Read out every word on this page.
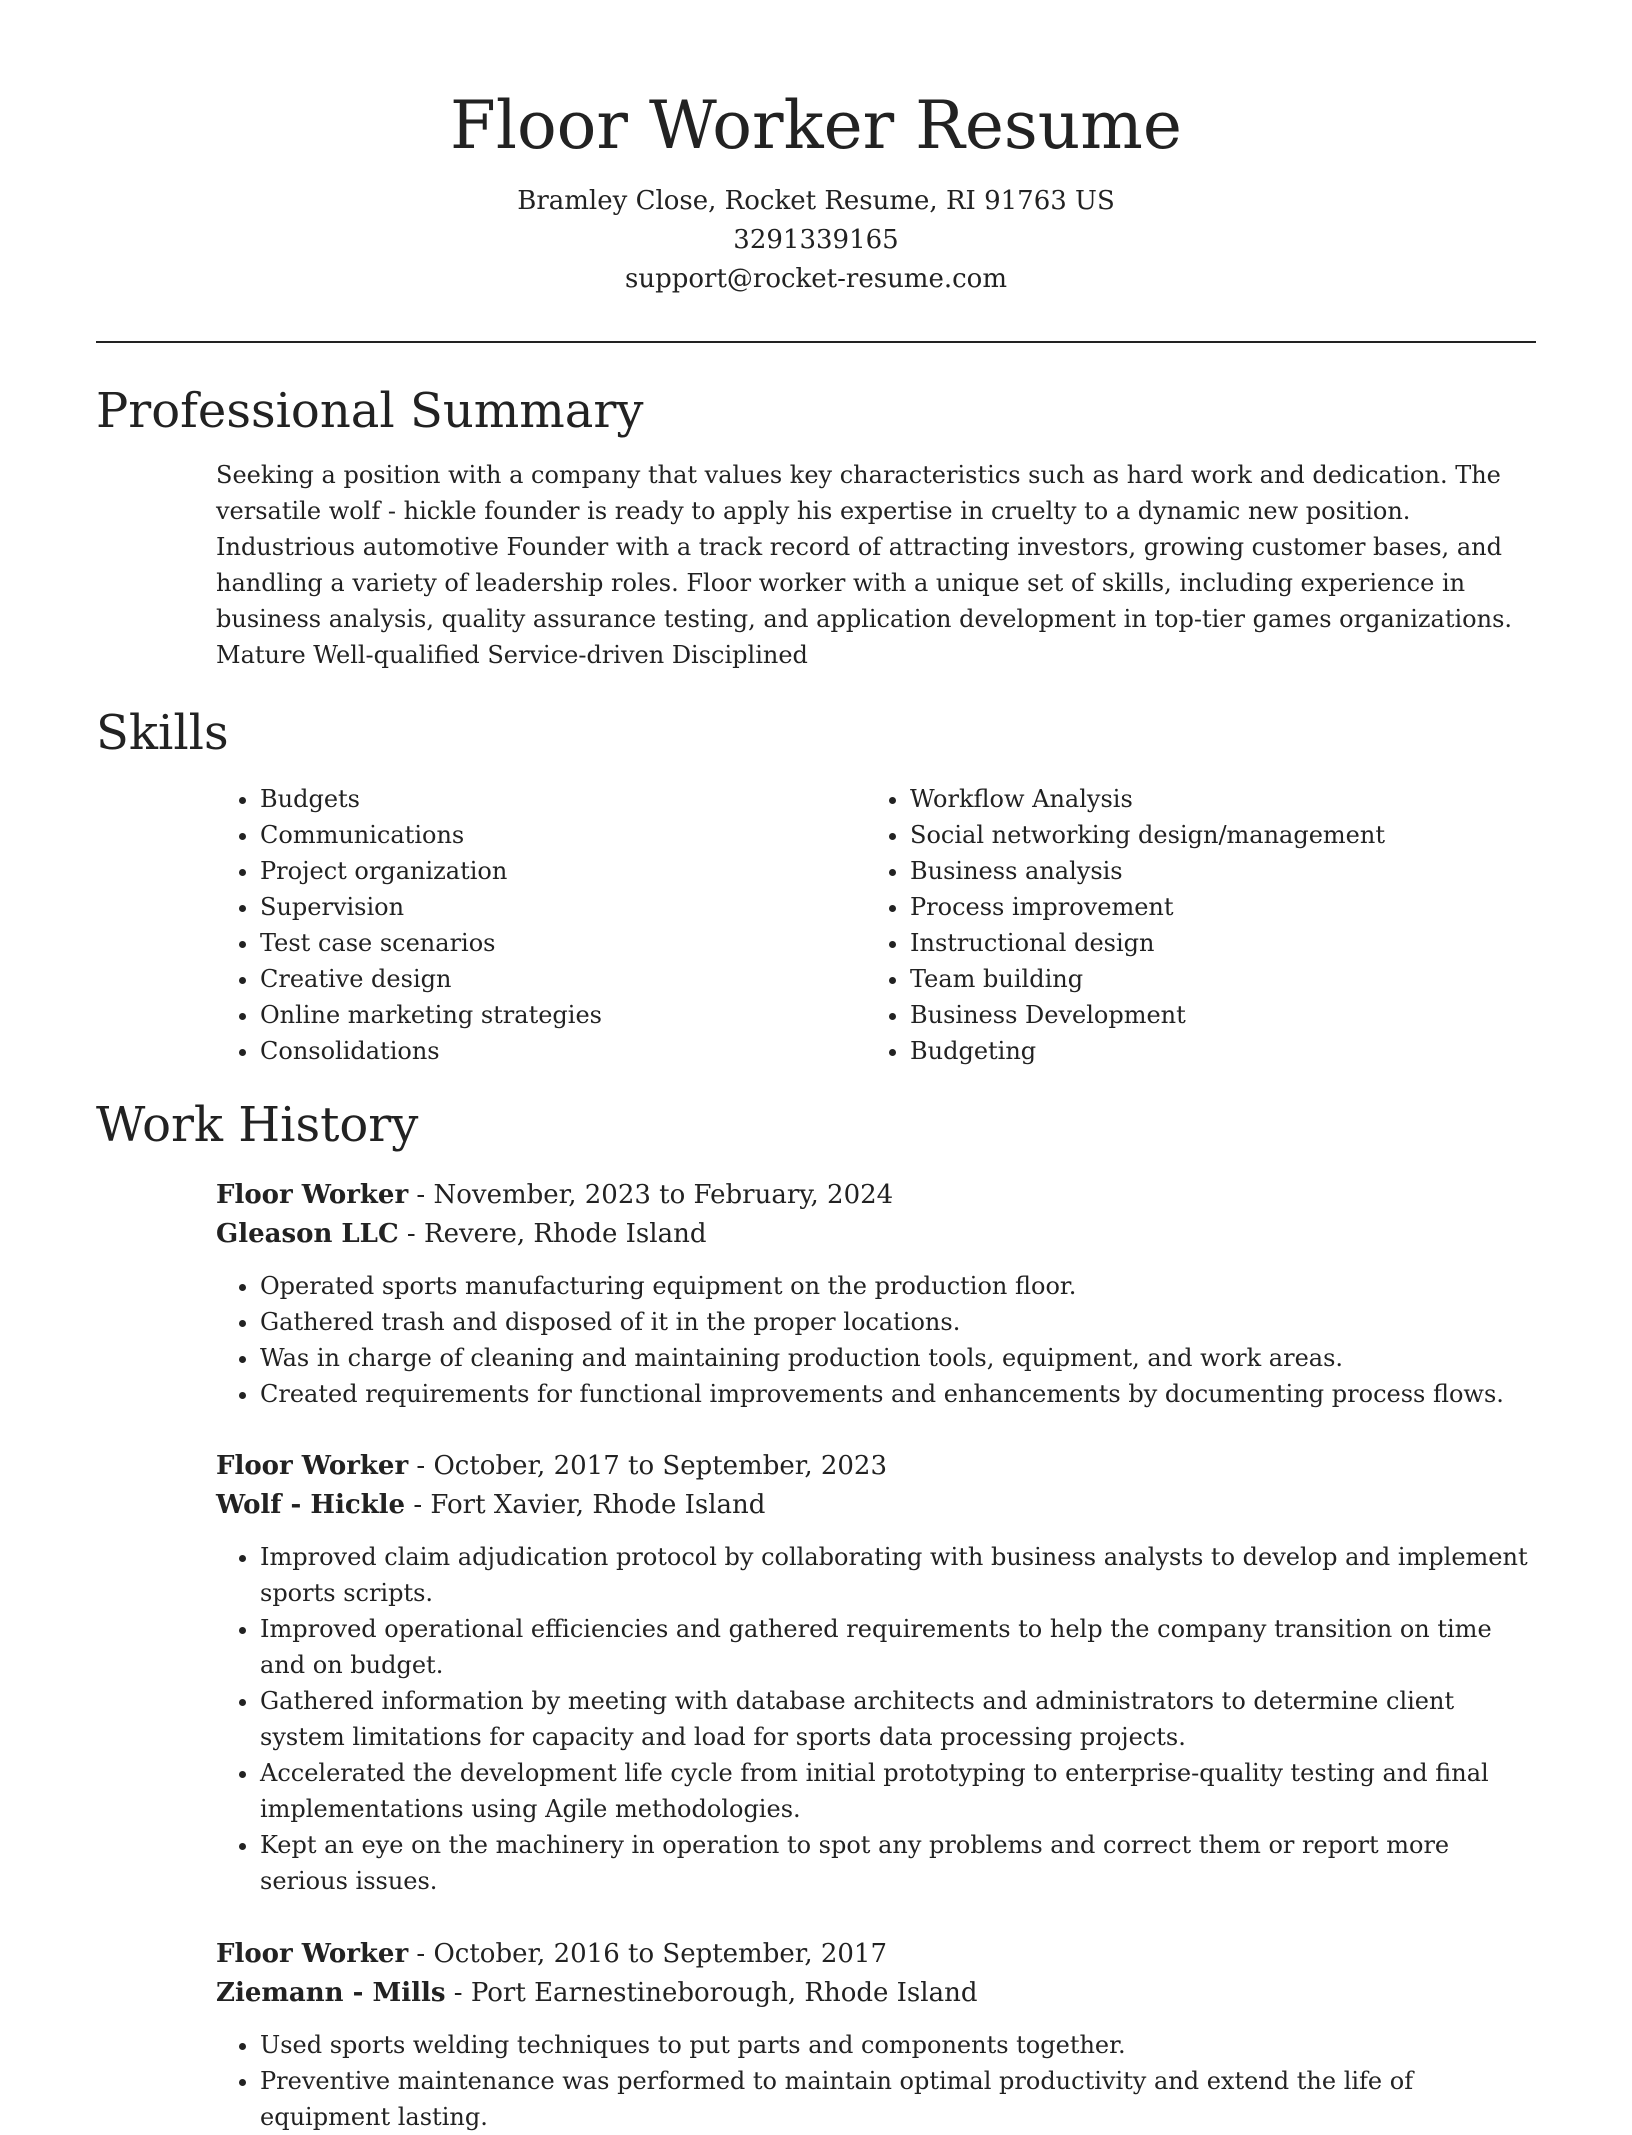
Floor Worker Resume
Bramley Close, Rocket Resume, RI 91763 US
3291339165
support@rocket-resume.com
Professional Summary

Seeking a position with a company that values key characteristics such as hard work and dedication. The versatile wolf - hickle founder is ready to apply his expertise in cruelty to a dynamic new position. Industrious automotive Founder with a track record of attracting investors, growing customer bases, and handling a variety of leadership roles. Floor worker with a unique set of skills, including experience in business analysis, quality assurance testing, and application development in top-tier games organizations. Mature Well-qualified Service-driven Disciplined

Skills
• Budgets
• Communications
• Project organization
• Supervision
• Test case scenarios
• Creative design
• Online marketing strategies
• Consolidations
• Workflow Analysis
• Social networking design/management
• Business analysis
• Process improvement
• Instructional design
• Team building
• Business Development
• Budgeting
Work History
Floor Worker - November, 2023 to February, 2024
Gleason LLC - Revere, Rhode Island
• Operated sports manufacturing equipment on the production floor.
• Gathered trash and disposed of it in the proper locations.
• Was in charge of cleaning and maintaining production tools, equipment, and work areas.
• Created requirements for functional improvements and enhancements by documenting process flows.
Floor Worker - October, 2017 to September, 2023
Wolf - Hickle - Fort Xavier, Rhode Island
• Improved claim adjudication protocol by collaborating with business analysts to develop and implement sports scripts.
• Improved operational efficiencies and gathered requirements to help the company transition on time and on budget.
• Gathered information by meeting with database architects and administrators to determine client system limitations for capacity and load for sports data processing projects.
• Accelerated the development life cycle from initial prototyping to enterprise-quality testing and final implementations using Agile methodologies.
• Kept an eye on the machinery in operation to spot any problems and correct them or report more serious issues.
Floor Worker - October, 2016 to September, 2017
Ziemann - Mills - Port Earnestineborough, Rhode Island
• Used sports welding techniques to put parts and components together.
• Preventive maintenance was performed to maintain optimal productivity and extend the life of equipment lasting.
